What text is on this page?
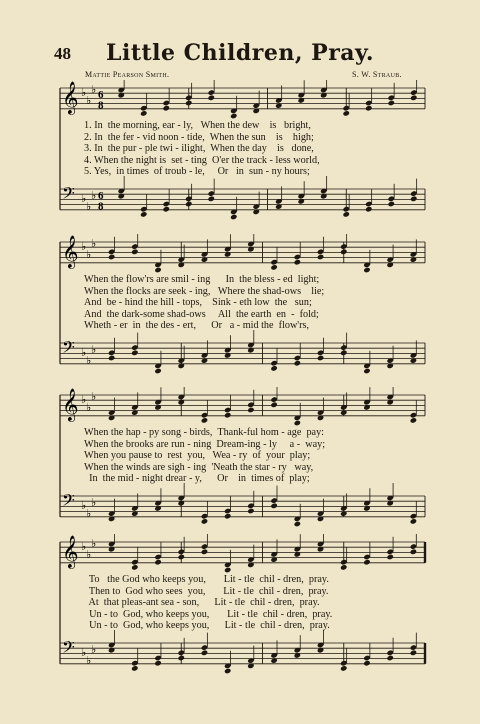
48	Little Children, Pray.
Mattie Pearson Smith.	S. W. Straub.
𝄞 ♭
♭
♭ 6
8
𝄢 ♭
♭
♭ 6
8
1. In  the morning, ear - ly,   When the dew    is   bright,
2. In  the fer - vid noon - tide,  When the sun    is    high;
3. In  the pur - ple twi - ilight,  When the day    is   done,
4. When the night is  set - ting  O'er the track - less world,
5. Yes,  in times  of troub - le,     Or   in  sun - ny hours;
𝄞 ♭
♭
♭
𝄢 ♭
♭
♭
When the flow'rs are smil - ing      In  the bless - ed  light;
When the flocks are seek - ing,   Where the shad-ows    lie;
And  be - hind the hill - tops,    Sink - eth low  the   sun;
And  the dark-some shad-ows     All  the earth  en  -  fold;
Wheth - er  in  the des - ert,      Or   a - mid the  flow'rs,
𝄞 ♭
♭
♭
𝄢 ♭
♭
♭
When the hap - py song - birds,  Thank-ful hom - age  pay:
When the brooks are run - ning  Dream-ing - ly     a -  way;
When you pause to  rest  you,   Wea - ry  of  your  play;
When the winds are sigh - ing  'Neath the star - ry   way,
In  the mid - night drear - y,      Or    in  times of  play;
𝄞 ♭
♭
♭
𝄢 ♭
♭
♭
To   the God who keeps you,       Lit - tle  chil - dren,  pray.
Then to  God who sees  you,       Lit - tle  chil - dren,  pray.
At  that pleas-ant sea - son,      Lit - tle  chil - dren,  pray.
Un - to  God, who keeps you,       Lit - tle  chil - dren,  pray.
Un - to  God, who keeps you,      Lit - tle  chil - dren,  pray.
